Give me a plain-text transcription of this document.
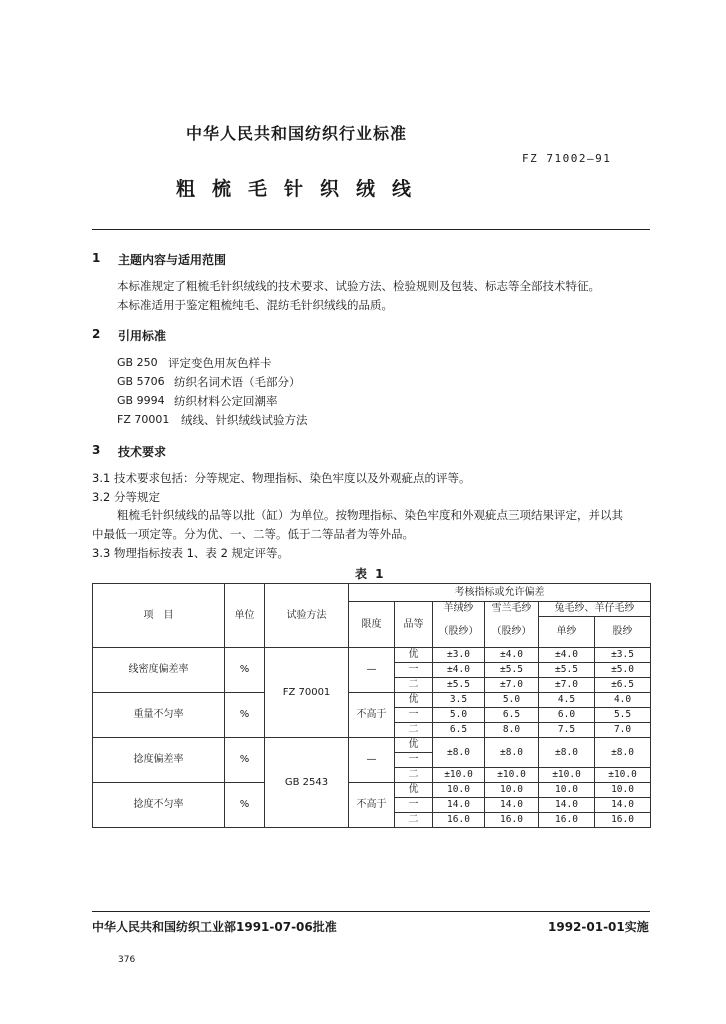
中华人民共和国纺织行业标准
FZ 71002—91
粗梳毛针织绒线
1 主题内容与适用范围
本标准规定了粗梳毛针织绒线的技术要求、试验方法、检验规则及包装、标志等全部技术特征。
本标准适用于鉴定粗梳纯毛、混纺毛针织绒线的品质。
2 引用标准
GB 250 评定变色用灰色样卡
GB 5706 纺织名词术语（毛部分）
GB 9994 纺织材料公定回潮率
FZ 70001 绒线、针织绒线试验方法
3 技术要求
3.1 技术要求包括：分等规定、物理指标、染色牢度以及外观疵点的评等。
3.2 分等规定
粗梳毛针织绒线的品等以批（缸）为单位。按物理指标、染色牢度和外观疵点三项结果评定，并以其
中最低一项定等。分为优、一、二等。低于二等品者为等外品。
3.3 物理指标按表 1、表 2 规定评等。
表 1
项　目	单位	试验方法	考核指标或允许偏差					
			限度	品等	羊绒纱	雪兰毛纱	兔毛纱、羊仔毛纱	
					（股纱）	（股纱）	单纱	股纱

线密度偏差率	%	FZ 70001	—	优	±3.0	±4.0	±4.0	±3.5
				一	±4.0	±5.5	±5.5	±5.0
				二	±5.5	±7.0	±7.0	±6.5
重量不匀率	%		不高于	优	3.5	5.0	4.5	4.0
				一	5.0	6.5	6.0	5.5
				二	6.5	8.0	7.5	7.0
捻度偏差率	%	GB 2543	—	优	±8.0	±8.0	±8.0	±8.0
				一				
				二	±10.0	±10.0	±10.0	±10.0
捻度不匀率	%		不高于	优	10.0	10.0	10.0	10.0
				一	14.0	14.0	14.0	14.0
				二	16.0	16.0	16.0	16.0
中华人民共和国纺织工业部1991-07-06批准	1992-01-01实施
376
